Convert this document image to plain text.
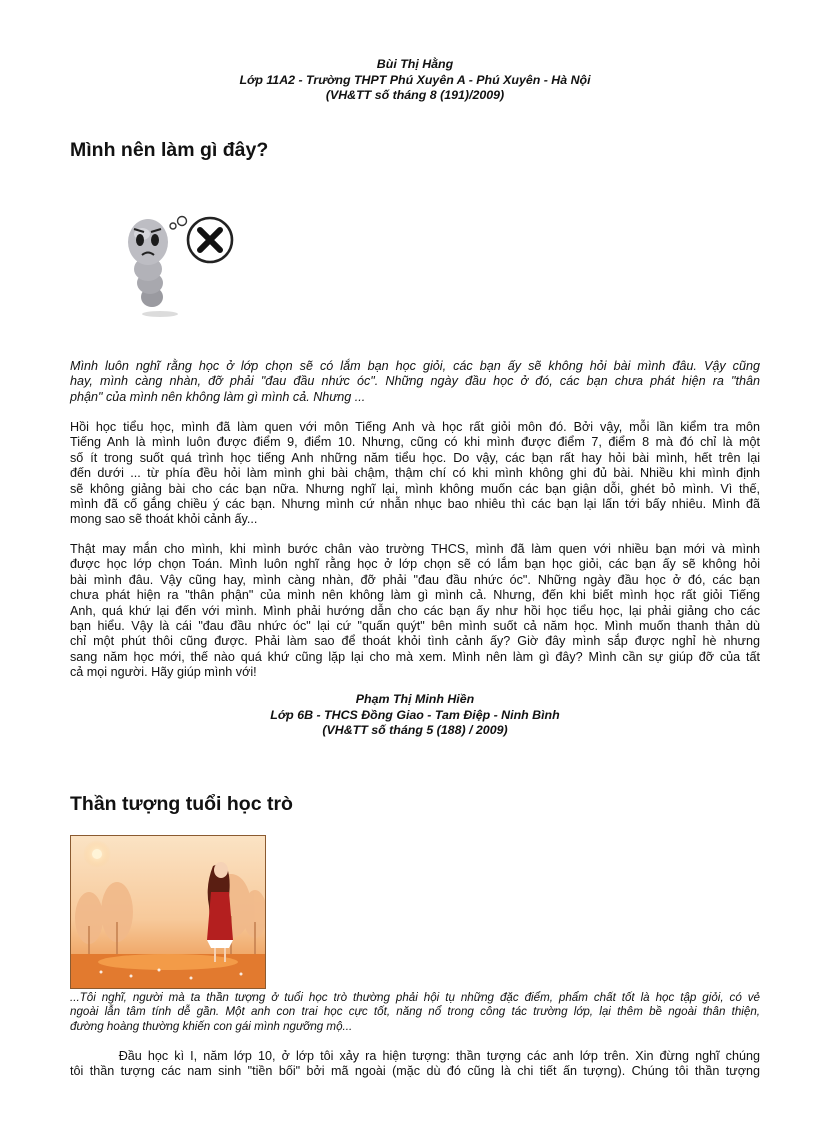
Bùi Thị Hằng
Lớp 11A2 - Trường THPT Phú Xuyên A - Phú Xuyên - Hà Nội
(VH&TT số tháng 8 (191)/2009)
Mình nên làm gì đây?

Mình luôn nghĩ rằng học ở lớp chọn sẽ có lắm bạn học giỏi, các bạn ấy sẽ không hỏi bài mình đâu. Vậy cũng
hay, mình càng nhàn, đỡ phải "đau đầu nhức óc". Những ngày đầu học ở đó, các bạn chưa phát hiện ra "thân
phận" của mình nên không làm gì mình cả. Nhưng ...

Hồi học tiểu học, mình đã làm quen với môn Tiếng Anh và học rất giỏi môn đó. Bởi vậy, mỗi lần kiểm tra môn
Tiếng Anh là mình luôn được điểm 9, điểm 10. Nhưng, cũng có khi mình được điểm 7, điểm 8 mà đó chỉ là một
số ít trong suốt quá trình học tiếng Anh những năm tiểu học. Do vậy, các bạn rất hay hỏi bài mình, hết trên lại
đến dưới ... từ phía đều hỏi làm mình ghi bài chậm, thậm chí có khi mình không ghi đủ bài. Nhiều khi mình định
sẽ không giảng bài cho các bạn nữa. Nhưng nghĩ lại, mình không muốn các bạn giận dỗi, ghét bỏ mình. Vì thế,
mình đã cố gắng chiều ý các bạn. Nhưng mình cứ nhẫn nhục bao nhiêu thì các bạn lại lấn tới bấy nhiêu. Mình đã
mong sao sẽ thoát khỏi cảnh ấy...

Thật may mắn cho mình, khi mình bước chân vào trường THCS, mình đã làm quen với nhiều bạn mới và mình
được học lớp chọn Toán. Mình luôn nghĩ rằng học ở lớp chọn sẽ có lắm bạn học giỏi, các bạn ấy sẽ không hỏi
bài mình đâu. Vậy cũng hay, mình càng nhàn, đỡ phải "đau đầu nhức óc". Những ngày đầu học ở đó, các bạn
chưa phát hiện ra "thân phận" của mình nên không làm gì mình cả. Nhưng, đến khi biết mình học rất giỏi Tiếng
Anh, quá khứ lại đến với mình. Mình phải hướng dẫn cho các bạn ấy như hồi học tiểu học, lại phải giảng cho các
bạn hiểu. Vậy là cái "đau đầu nhức óc" lại cứ "quấn quýt" bên mình suốt cả năm học. Mình muốn thanh thản dù
chỉ một phút thôi cũng được. Phải làm sao để thoát khỏi tình cảnh ấy? Giờ đây mình sắp được nghỉ hè nhưng
sang năm học mới, thế nào quá khứ cũng lặp lại cho mà xem. Mình nên làm gì đây? Mình cần sự giúp đỡ của tất
cả mọi người. Hãy giúp mình với!

Phạm Thị Minh Hiền
Lớp 6B - THCS Đồng Giao - Tam Điệp - Ninh Bình
(VH&TT số tháng 5 (188) / 2009)
Thần tượng tuổi học trò

...Tôi nghĩ, người mà ta thần tượng ở tuổi học trò thường phải hội tụ những đặc điểm, phẩm chất tốt là học tập giỏi, có vẻ
ngoài lẫn tâm tính dễ gần. Một anh con trai học cực tốt, năng nổ trong công tác trường lớp, lại thêm bề ngoài thân thiện,
đường hoàng thường khiến con gái mình ngưỡng mộ...

Đầu học kì I, năm lớp 10, ở lớp tôi xảy ra hiện tượng: thần tượng các anh lớp trên. Xin đừng nghĩ chúng
tôi thần tượng các nam sinh "tiền bối" bởi mã ngoài (mặc dù đó cũng là chi tiết ấn tượng). Chúng tôi thần tượng
